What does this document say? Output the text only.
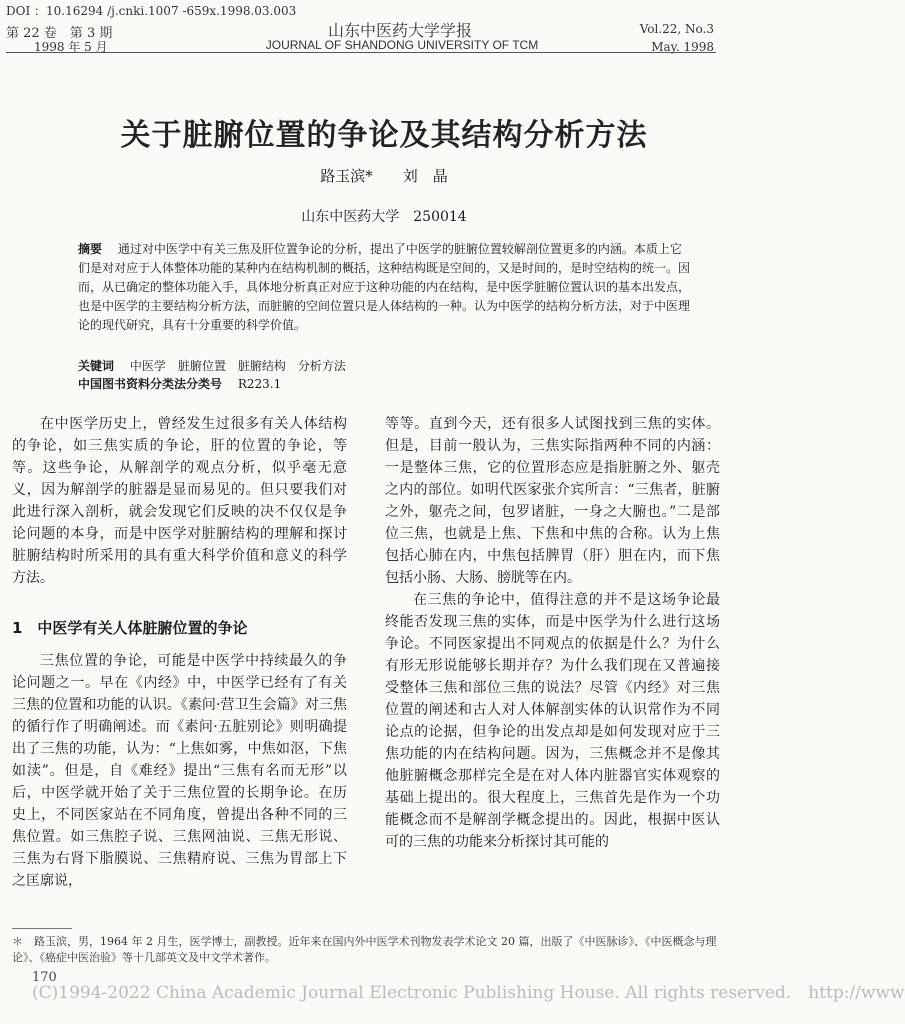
DOI ：10.16294 ∕j.cnki.1007 -659x.1998.03.003
第 22 卷　第 3 期
1998 年 5 月
山东中医药大学学报
JOURNAL OF SHANDONG UNIVERSITY OF TCM
Vol.22, No.3
May. 1998
关于脏腑位置的争论及其结构分析方法
路玉滨*　　刘　晶
山东中医药大学　250014
摘要　 通过对中医学中有关三焦及肝位置争论的分析，提出了中医学的脏腑位置较解剖位置更多的内涵。本质上它们是对对应于人体整体功能的某种内在结构机制的概括，这种结构既是空间的，又是时间的，是时空结构的统一。因而，从已确定的整体功能入手，具体地分析真正对应于这种功能的内在结构，是中医学脏腑位置认识的基本出发点，也是中医学的主要结构分析方法，而脏腑的空间位置只是人体结构的一种。认为中医学的结构分析方法，对于中医理论的现代研究，具有十分重要的科学价值。
关键词　 中医学　脏腑位置　脏腑结构　分析方法
中国图书资料分类法分类号　 R223.1

在中医学历史上，曾经发生过很多有关人体结构的争论，如三焦实质的争论，肝的位置的争论，等等。这些争论，从解剖学的观点分析，似乎毫无意义，因为解剖学的脏器是显而易见的。但只要我们对此进行深入剖析，就会发现它们反映的决不仅仅是争论问题的本身，而是中医学对脏腑结构的理解和探讨脏腑结构时所采用的具有重大科学价值和意义的科学方法。

1　中医学有关人体脏腑位置的争论

三焦位置的争论，可能是中医学中持续最久的争论问题之一。早在《内经》中，中医学已经有了有关三焦的位置和功能的认识。《素问·营卫生会篇》对三焦的循行作了明确阐述。而《素问·五脏别论》则明确提出了三焦的功能，认为：“上焦如雾，中焦如沤，下焦如渎”。但是，自《难经》提出“三焦有名而无形”以后，中医学就开始了关于三焦位置的长期争论。在历史上，不同医家站在不同角度，曾提出各种不同的三焦位置。如三焦腔子说、三焦网油说、三焦无形说、三焦为右肾下脂膜说、三焦精府说、三焦为胃部上下之匡廓说，

等等。直到今天，还有很多人试图找到三焦的实体。但是，目前一般认为，三焦实际指两种不同的内涵：一是整体三焦，它的位置形态应是指脏腑之外、躯壳之内的部位。如明代医家张介宾所言：“三焦者，脏腑之外，躯壳之间，包罗诸脏，一身之大腑也。”二是部位三焦，也就是上焦、下焦和中焦的合称。认为上焦包括心肺在内，中焦包括脾胃（肝）胆在内，而下焦包括小肠、大肠、膀胱等在内。

在三焦的争论中，值得注意的并不是这场争论最终能否发现三焦的实体，而是中医学为什么进行这场争论。不同医家提出不同观点的依据是什么？为什么有形无形说能够长期并存？为什么我们现在又普遍接受整体三焦和部位三焦的说法？尽管《内经》对三焦位置的阐述和古人对人体解剖实体的认识常作为不同论点的论据，但争论的出发点却是如何发现对应于三焦功能的内在结构问题。因为，三焦概念并不是像其他脏腑概念那样完全是在对人体内脏器官实体观察的基础上提出的。很大程度上，三焦首先是作为一个功能概念而不是解剖学概念提出的。因此，根据中医认可的三焦的功能来分析探讨其可能的

＊　路玉滨，男，1964 年 2 月生，医学博士，副教授。近年来在国内外中医学术刊物发表学术论文 20 篇，出版了《中医脉诊》、《中医概念与理论》、《癌症中医治验》等十几部英文及中文学术著作。
(C)1994-2022 China Academic Journal Electronic Publishing House. All rights reserved.　http://www
170
